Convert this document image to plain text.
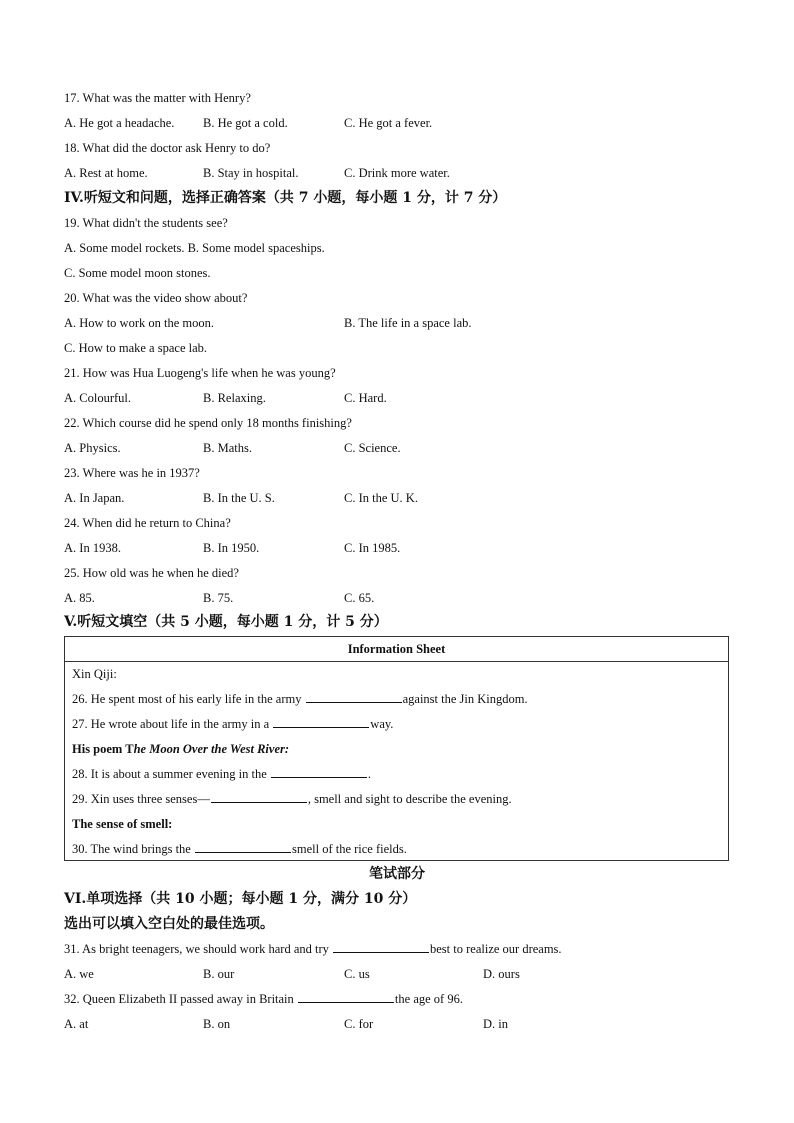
17. What was the matter with Henry?
A. He got a headache. B. He got a cold.	C. He got a fever.
18. What did the doctor ask Henry to do?
A. Rest at home.	B. Stay in hospital.	C. Drink more water.
IV.听短文和问题，选择正确答案（共 7 小题，每小题 1 分，计 7 分）
19. What didn't the students see?
A. Some model rockets. B. Some model spaceships.
C. Some model moon stones.
20. What was the video show about?
A. How to work on the moon.	B. The life in a space lab.
C. How to make a space lab.
21. How was Hua Luogeng's life when he was young?
A. Colourful.	B. Relaxing.	C. Hard.
22. Which course did he spend only 18 months finishing?
A. Physics.	B. Maths.	C. Science.
23. Where was he in 1937?
A. In Japan.	B. In the U. S.	C. In the U. K.
24. When did he return to China?
A. In 1938.	B. In 1950.	C. In 1985.
25. How old was he when he died?
A. 85.	B. 75.	C. 65.
V.听短文填空（共 5 小题，每小题 1 分，计 5 分）
Information Sheet
Xin Qiji:
26. He spent most of his early life in the army	against the Jin Kingdom.
27. He wrote about life in the army in a	way.
His poem The Moon Over the West River:
28. It is about a summer evening in the	.
29. Xin uses three senses—	, smell and sight to describe the evening.
The sense of smell:
30. The wind brings the	smell of the rice fields.
笔试部分
VI.单项选择（共 10 小题；每小题 1 分，满分 10 分）
选出可以填入空白处的最佳选项。
31. As bright teenagers, we should work hard and try	best to realize our dreams.
A. we	B. our	C. us	D. ours
32. Queen Elizabeth II passed away in Britain	the age of 96.
A. at	B. on	C. for	D. in
